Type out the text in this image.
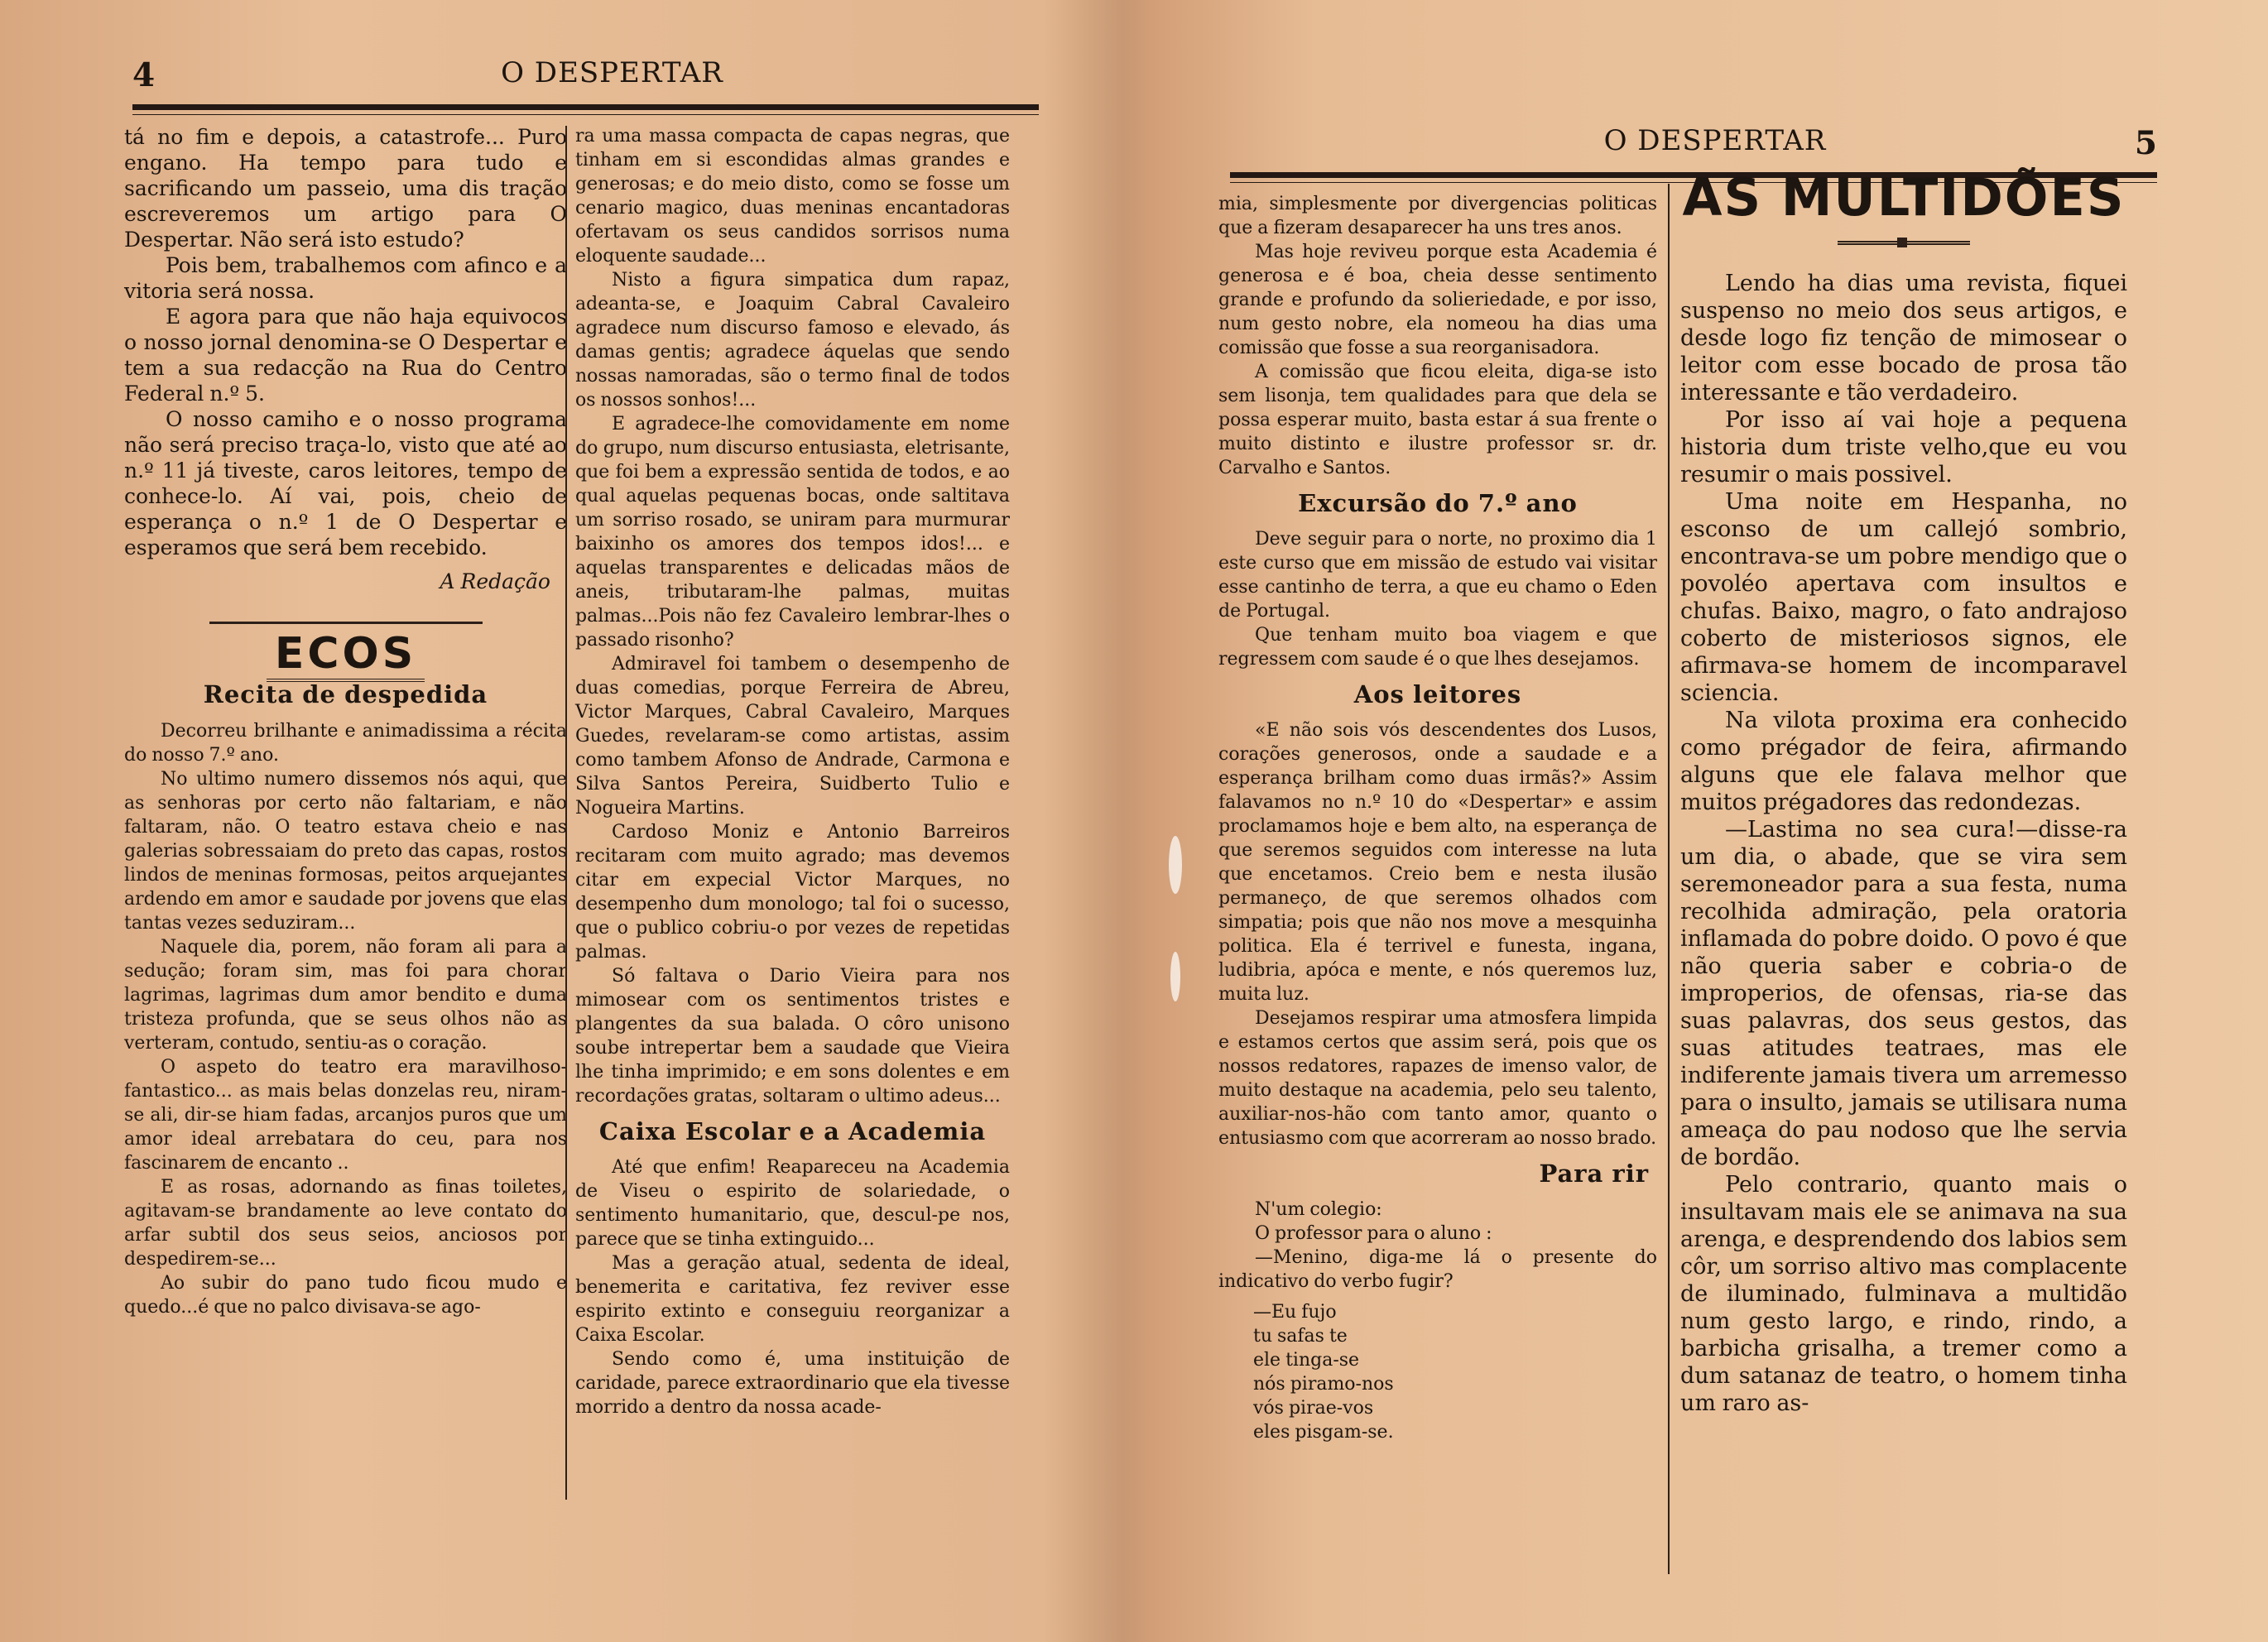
4	O DESPERTAR

tá no fim e depois, a catastrofe... Puro engano. Ha tempo para tudo e sacrificando um passeio, uma dis tração escreveremos um artigo para O Despertar. Não será isto estudo?

Pois bem, trabalhemos com afinco e a vitoria será nossa.

E agora para que não haja equivocos o nosso jornal denomina-se O Despertar e tem a sua redacção na Rua do Centro Federal n.º 5.

O nosso camiho e o nosso programa não será preciso traça-lo, visto que até ao n.º 11 já tiveste, caros leitores, tempo de conhece-lo. Aí vai, pois, cheio de esperança o n.º 1 de O Despertar e esperamos que será bem recebido.

A Redação
ECOS
Recita de despedida

Decorreu brilhante e animadissima a récita do nosso 7.º ano.

No ultimo numero dissemos nós aqui, que as senhoras por certo não faltariam, e não faltaram, não. O teatro estava cheio e nas galerias sobressaiam do preto das capas, rostos lindos de meninas formosas, peitos arquejantes ardendo em amor e saudade por jovens que elas tantas vezes seduziram...

Naquele dia, porem, não foram ali para a sedução; foram sim, mas foi para chorar lagrimas, lagrimas dum amor bendito e duma tristeza profunda, que se seus olhos não as verteram, contudo, sentiu-as o coração.

O aspeto do teatro era maravilhoso-fantastico... as mais belas donzelas reu, niram-se ali, dir-se hiam fadas, arcanjos puros que um amor ideal arrebatara do ceu, para nos fascinarem de encanto ..

E as rosas, adornando as finas toiletes, agitavam-se brandamente ao leve contato do arfar subtil dos seus seios, anciosos por despedirem-se...

Ao subir do pano tudo ficou mudo e quedo...é que no palco divisava-se ago-

ra uma massa compacta de capas negras, que tinham em si escondidas almas grandes e generosas; e do meio disto, como se fosse um cenario magico, duas meninas encantadoras ofertavam os seus candidos sorrisos numa eloquente saudade...

Nisto a figura simpatica dum rapaz, adeanta-se, e Joaquim Cabral Cavaleiro agradece num discurso famoso e elevado, ás damas gentis; agradece áquelas que sendo nossas namoradas, são o termo final de todos os nossos sonhos!...

E agradece-lhe comovidamente em nome do grupo, num discurso entusiasta, eletrisante, que foi bem a expressão sentida de todos, e ao qual aquelas pequenas bocas, onde saltitava um sorriso rosado, se uniram para murmurar baixinho os amores dos tempos idos!... e aquelas transparentes e delicadas mãos de aneis, tributaram-lhe palmas, muitas palmas...Pois não fez Cavaleiro lembrar-lhes o passado risonho?

Admiravel foi tambem o desempenho de duas comedias, porque Ferreira de Abreu, Victor Marques, Cabral Cavaleiro, Marques Guedes, revelaram-se como artistas, assim como tambem Afonso de Andrade, Carmona e Silva Santos Pereira, Suidberto Tulio e Nogueira Martins.

Cardoso Moniz e Antonio Barreiros recitaram com muito agrado; mas devemos citar em expecial Victor Marques, no desempenho dum monologo; tal foi o sucesso, que o publico cobriu-o por vezes de repetidas palmas.

Só faltava o Dario Vieira para nos mimosear com os sentimentos tristes e plangentes da sua balada. O côro unisono soube intrepertar bem a saudade que Vieira lhe tinha imprimido; e em sons dolentes e em recordações gratas, soltaram o ultimo adeus...

Caixa Escolar e a Academia

Até que enfim! Reapareceu na Academia de Viseu o espirito de solariedade, o sentimento humanitario, que, descul-pe nos, parece que se tinha extinguido...

Mas a geração atual, sedenta de ideal, benemerita e caritativa, fez reviver esse espirito extinto e conseguiu reorganizar a Caixa Escolar.

Sendo como é, uma instituição de caridade, parece extraordinario que ela tivesse morrido a dentro da nossa acade-

O DESPERTAR	5

mia, simplesmente por divergencias politicas que a fizeram desaparecer ha uns tres anos.

Mas hoje reviveu porque esta Academia é generosa e é boa, cheia desse sentimento grande e profundo da solieriedade, e por isso, num gesto nobre, ela nomeou ha dias uma comissão que fosse a sua reorganisadora.

A comissão que ficou eleita, diga-se isto sem lisonja, tem qualidades para que dela se possa esperar muito, basta estar á sua frente o muito distinto e ilustre professor sr. dr. Carvalho e Santos.

Excursão do 7.º ano

Deve seguir para o norte, no proximo dia 1 este curso que em missão de estudo vai visitar esse cantinho de terra, a que eu chamo o Eden de Portugal.

Que tenham muito boa viagem e que regressem com saude é o que lhes desejamos.

Aos leitores

«E não sois vós descendentes dos Lusos, corações generosos, onde a saudade e a esperança brilham como duas irmãs?» Assim falavamos no n.º 10 do «Despertar» e assim proclamamos hoje e bem alto, na esperança de que seremos seguidos com interesse na luta que encetamos. Creio bem e nesta ilusão permaneço, de que seremos olhados com simpatia; pois que não nos move a mesquinha politica. Ela é terrivel e funesta, ingana, ludibria, apóca e mente, e nós queremos luz, muita luz.

Desejamos respirar uma atmosfera limpida e estamos certos que assim será, pois que os nossos redatores, rapazes de imenso valor, de muito destaque na academia, pelo seu talento, auxiliar-nos-hão com tanto amor, quanto o entusiasmo com que acorreram ao nosso brado.

Para rir

N'um colegio:

O professor para o aluno :

—Menino, diga-me lá o presente do indicativo do verbo fugir?

—Eu fujo
tu safas te
ele tinga-se
nós piramo-nos
vós pirae-vos
eles pisgam-se.
AS MULTIDÕES

Lendo ha dias uma revista, fiquei suspenso no meio dos seus artigos, e desde logo fiz tenção de mimosear o leitor com esse bocado de prosa tão interessante e tão verdadeiro.

Por isso aí vai hoje a pequena historia dum triste velho,que eu vou resumir o mais possivel.

Uma noite em Hespanha, no esconso de um callejó sombrio, encontrava-se um pobre mendigo que o povoléo apertava com insultos e chufas. Baixo, magro, o fato andrajoso coberto de misteriosos signos, ele afirmava-se homem de incomparavel sciencia.

Na vilota proxima era conhecido como prégador de feira, afirmando alguns que ele falava melhor que muitos prégadores das redondezas.

—Lastima no sea cura!—disse-ra um dia, o abade, que se vira sem seremoneador para a sua festa, numa recolhida admiração, pela oratoria inflamada do pobre doido. O povo é que não queria saber e cobria-o de improperios, de ofensas, ria-se das suas palavras, dos seus gestos, das suas atitudes teatraes, mas ele indiferente jamais tivera um arremesso para o insulto, jamais se utilisara numa ameaça do pau nodoso que lhe servia de bordão.

Pelo contrario, quanto mais o insultavam mais ele se animava na sua arenga, e desprendendo dos labios sem côr, um sorriso altivo mas complacente de iluminado, fulminava a multidão num gesto largo, e rindo, rindo, a barbicha grisalha, a tremer como a dum satanaz de teatro, o homem tinha um raro as-
